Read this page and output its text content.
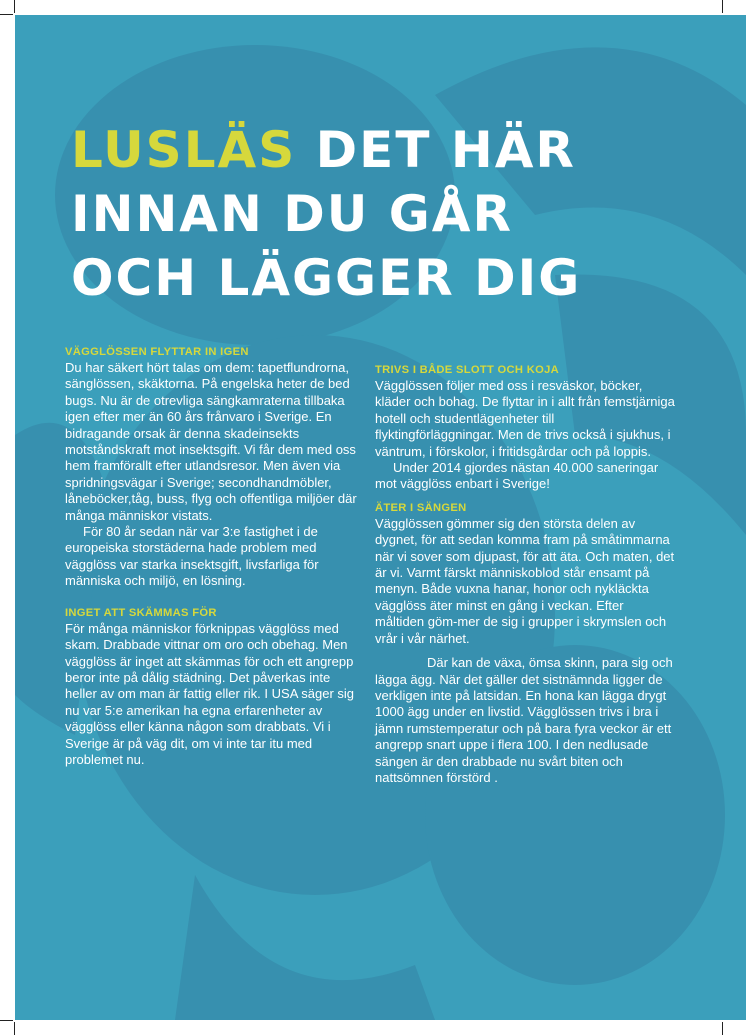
LUSLÄS DET HÄR
INNAN DU GÅR
OCH LÄGGER DIG
VÄGGLÖSSEN FLYTTAR IN IGEN

Du har säkert hört talas om dem: tapetflundrorna, sänglössen, skäktorna. På engelska heter de bed bugs. Nu är de otrevliga sängkamraterna tillbaka igen efter mer än 60 års frånvaro i Sverige. En bidragande orsak är denna skadeinsekts motståndskraft mot insektsgift. Vi får dem med oss hem framförallt efter utlandsresor. Men även via spridningsvägar i Sverige; secondhandmöbler, låneböcker,tåg, buss, flyg och offentliga miljöer där många människor vistats.

För 80 år sedan när var 3:e fastighet i de europeiska storstäderna hade problem med vägglöss var starka insektsgift, livsfarliga för människa och miljö, en lösning.

INGET ATT SKÄMMAS FÖR

För många människor förknippas vägglöss med skam. Drabbade vittnar om oro och obehag. Men vägglöss är inget att skämmas för och ett angrepp beror inte på dålig städning. Det påverkas inte heller av om man är fattig eller rik. I USA säger sig nu var 5:e amerikan ha egna erfarenheter av vägglöss eller känna någon som drabbats. Vi i Sverige är på väg dit, om vi inte tar itu med problemet nu.

TRIVS I BÅDE SLOTT OCH KOJA

Vägglössen följer med oss i resväskor, böcker, kläder och bohag. De flyttar in i allt från femstjärniga hotell och studentlägenheter till flyktingförläggningar. Men de trivs också i sjukhus, i väntrum, i förskolor, i fritidsgårdar och på loppis.

Under 2014 gjordes nästan 40.000 saneringar mot vägglöss enbart i Sverige!

ÄTER I SÄNGEN

Vägglössen gömmer sig den största delen av dygnet, för att sedan komma fram på småtimmarna när vi sover som djupast, för att äta. Och maten, det är vi. Varmt färskt människoblod står ensamt på menyn. Både vuxna hanar, honor och nykläckta vägglöss äter minst en gång i veckan. Efter måltiden göm-mer de sig i grupper i skrymslen och vrår i vår närhet.

Där kan de växa, ömsa skinn, para sig och lägga ägg. När det gäller det sistnämnda ligger de verkligen inte på latsidan. En hona kan lägga drygt 1000 ägg under en livstid. Vägglössen trivs i bra i jämn rumstemperatur och på bara fyra veckor är ett angrepp snart uppe i flera 100. I den nedlusade sängen är den drabbade nu svårt biten och nattsömnen förstörd .
